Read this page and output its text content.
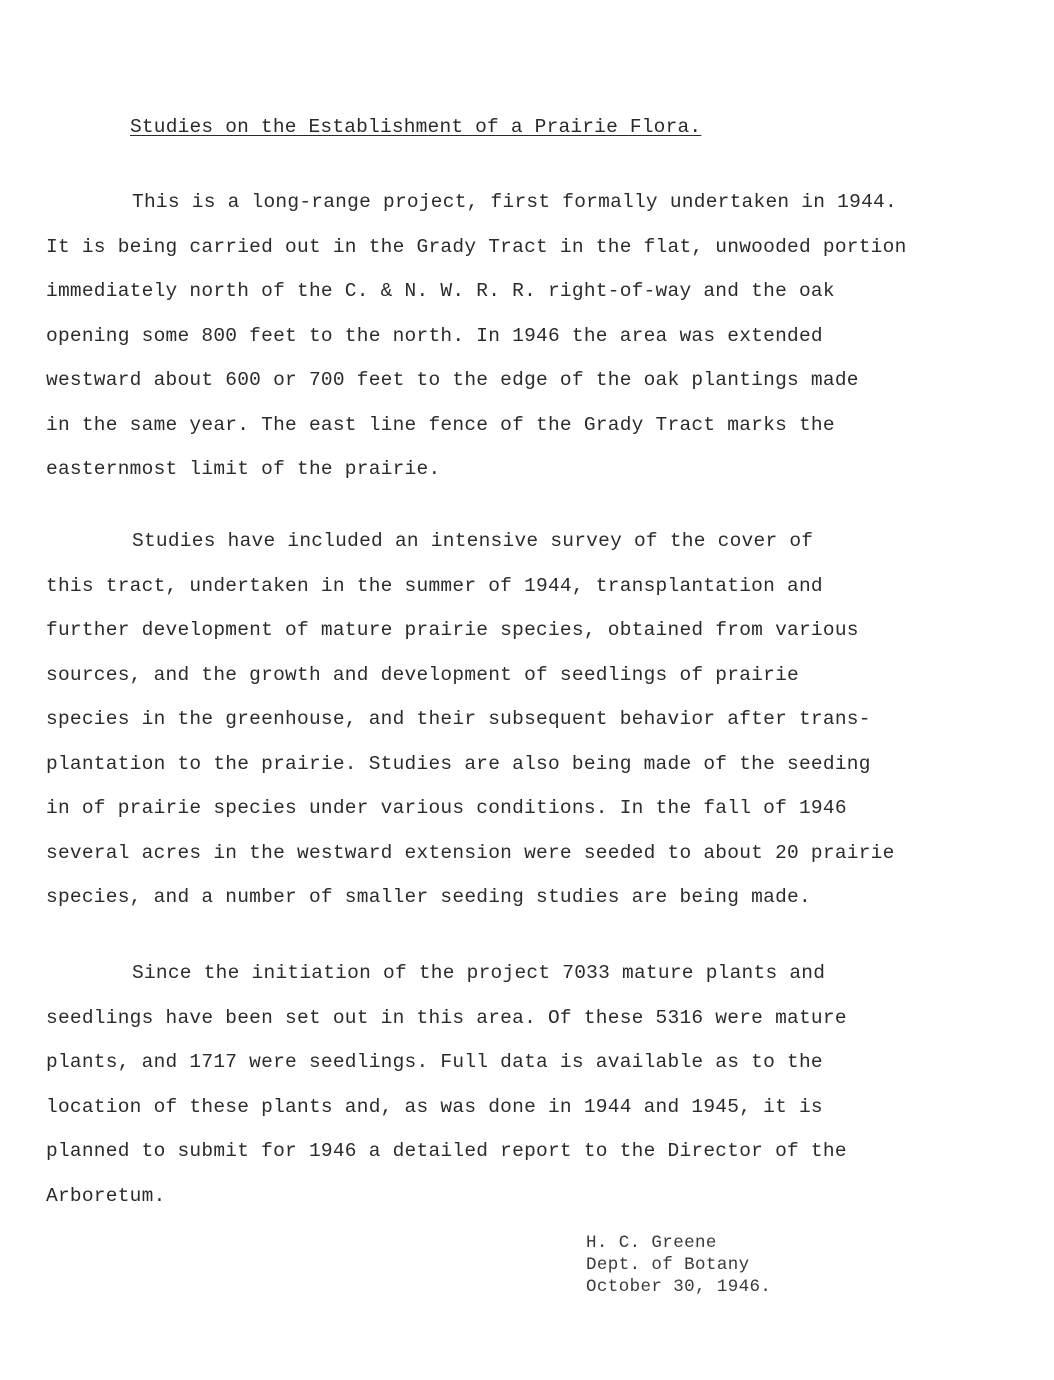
Studies on the Establishment of a Prairie Flora.
This is a long-range project, first formally undertaken in 1944.
It is being carried out in the Grady Tract in the flat, unwooded portion
immediately north of the C. & N. W. R. R. right-of-way and the oak
opening some 800 feet to the north. In 1946 the area was extended
westward about 600 or 700 feet to the edge of the oak plantings made
in the same year. The east line fence of the Grady Tract marks the
easternmost limit of the prairie.
Studies have included an intensive survey of the cover of
this tract, undertaken in the summer of 1944, transplantation and
further development of mature prairie species, obtained from various
sources, and the growth and development of seedlings of prairie
species in the greenhouse, and their subsequent behavior after trans-
plantation to the prairie. Studies are also being made of the seeding
in of prairie species under various conditions. In the fall of 1946
several acres in the westward extension were seeded to about 20 prairie
species, and a number of smaller seeding studies are being made.
Since the initiation of the project 7033 mature plants and
seedlings have been set out in this area. Of these 5316 were mature
plants, and 1717 were seedlings. Full data is available as to the
location of these plants and, as was done in 1944 and 1945, it is
planned to submit for 1946 a detailed report to the Director of the
Arboretum.
H. C. Greene
Dept. of Botany
October 30, 1946.
